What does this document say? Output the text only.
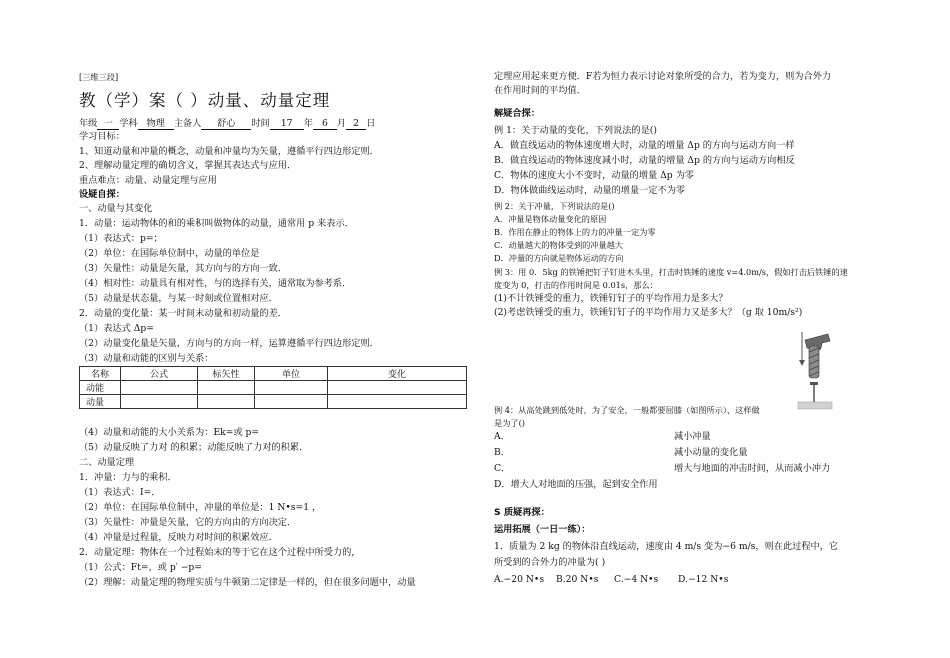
[三维三段]
教（学）案（ ）动量、动量定理
年级 一 学科 物理 主备人 舒心 时间 17 年 6 月 2 日
学习目标：
1、知道动量和冲量的概念，动量和冲量均为矢量，遵循平行四边形定则．
2、理解动量定理的确切含义，掌握其表达式与应用．
重点难点：动量、动量定理与应用
设疑自探：
一、动量与其变化
1．动量：运动物体的和的乘积叫做物体的动量，通常用 p 来表示．
（1）表达式：p=；
（2）单位：在国际单位制中，动量的单位是
（3）矢量性：动量是矢量，其方向与的方向一致．
（4）相对性：动量具有相对性，与的选择有关，通常取为参考系．
（5）动量是状态量，与某一时刻或位置相对应．
2．动量的变化量：某一时间末动量和初动量的差．
（1）表达式 Δp=
（2）动量变化量是矢量，方向与的方向一样，运算遵循平行四边形定则．
（3）动量和动能的区别与关系：
名称	公式	标矢性	单位	变化
动能				
动量				
（4）动量和动能的大小关系为：Ek=或 p=
（5）动量反映了力对 的积累；动能反映了力对的积累．
二、动量定理
1．冲量：力与的乘积．
（1）表达式：I=．
（2）单位：在国际单位制中，冲量的单位是：1 N•s=1 ，
（3）矢量性：冲量是矢量，它的方向由的方向决定．
（4）冲量是过程量，反映力对时间的积累效应．
2．动量定理：物体在一个过程始末的等于它在这个过程中所受力的，
（1）公式：Ft=，或 p′ −p=
（2）理解：动量定理的物理实质与牛顿第二定律是一样的，但在很多问题中，动量
定理应用起来更方便．F若为恒力表示讨论对象所受的合力，若为变力，则为合外力
在作用时间的平均值．
解疑合探：
例 1：关于动量的变化，下列说法的是()
A．做直线运动的物体速度增大时，动量的增量 Δp 的方向与运动方向一样
B．做直线运动的物体速度减小时，动量的增量 Δp 的方向与运动方向相反
C．物体的速度大小不变时，动量的增量 Δp 为零
D．物体做曲线运动时，动量的增量一定不为零
例 2：关于冲量，下列说法的是()
A．冲量是物体动量变化的原因
B．作用在静止的物体上的力的冲量一定为零
C．动量越大的物体受到的冲量越大
D．冲量的方向就是物体运动的方向
例 3：用 0．5kg 的铁锤把钉子钉进木头里，打击时铁锤的速度 v=4.0m/s，假如打击后铁锤的速
度变为 0，打击的作用时间是 0.01s，那么：
(1)不计铁锤受的重力，铁锤钉钉子的平均作用力是多大？
(2)考虑铁锤受的重力，铁锤钉钉子的平均作用力又是多大？（g 取 10m/s²)
例 4：从高处跳到低处时，为了安全，一般都要屈膝（如图所示），这样做
是为了()
A．	减小冲量
B．	减小动量的变化量
C．	增大与地面的冲击时间，从而减小冲力
D．增大人对地面的压强，起到安全作用
S 质疑再探：
运用拓展（一日一练）：
1．质量为 2 kg 的物体沿直线运动，速度由 4 m/s 变为−6 m/s，则在此过程中，它
所受到的合外力的冲量为( )
A.−20 N•s B.20 N•s C.−4 N•s D.−12 N•s
